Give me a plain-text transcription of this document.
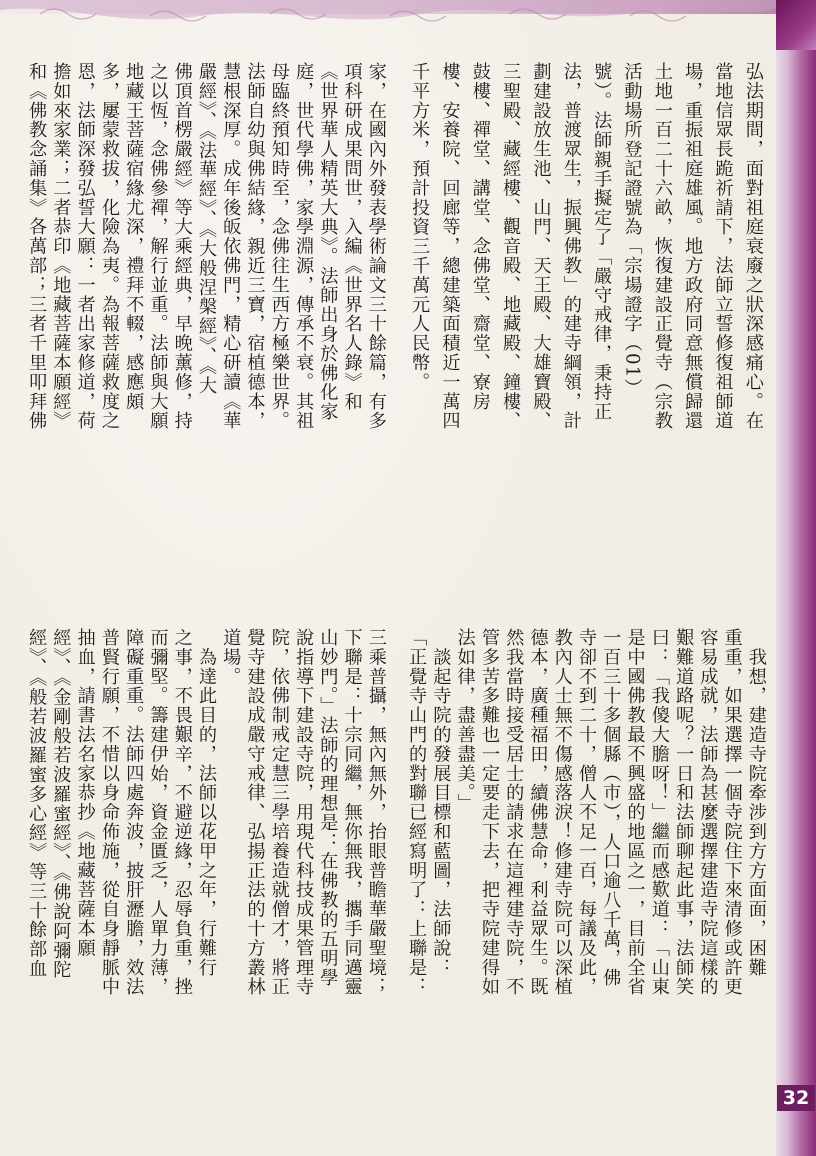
家，在國內外發表學術論文三十餘篇，有多
項科研成果問世，入編《世界名人錄》和
《世界華人精英大典》。法師出身於佛化家
庭，世代學佛，家學淵源，傳承不衰。其祖
母臨終預知時至，念佛往生西方極樂世界。
法師自幼與佛結緣，親近三寶，宿植德本，
慧根深厚。成年後皈依佛門，精心研讀《華
嚴經》、《法華經》、《大般涅槃經》、《大
佛頂首楞嚴經》等大乘經典，早晚薰修，持
之以恆，念佛參禪，解行並重。法師與大願
地藏王菩薩宿緣尤深，禮拜不輟，感應頗
多，屢蒙救拔，化險為夷。為報菩薩救度之
恩，法師深發弘誓大願：一者出家修道，荷
擔如來家業；二者恭印《地藏菩薩本願經》
和《佛教念誦集》各萬部；三者千里叩拜佛	弘法期間，面對祖庭衰廢之狀深感痛心。在
當地信眾長跪祈請下，法師立誓修復祖師道
場，重振祖庭雄風。地方政府同意無償歸還
土地一百二十六畝，恢復建設正覺寺（宗教
活動場所登記證號為「宗場證字（01）
號）。法師親手擬定了「嚴守戒律，秉持正
法，普渡眾生，振興佛教」的建寺綱領，計
劃建設放生池、山門、天王殿、大雄寶殿、
三聖殿、藏經樓、觀音殿、地藏殿、鐘樓、
鼓樓、禪堂、講堂、念佛堂、齋堂、寮房
樓、安養院、回廊等，總建築面積近一萬四
千平方米，預計投資三千萬元人民幣。
三乘普攝，無內無外，抬眼普瞻華嚴聖境；
下聯是：十宗同繼，無你無我，攜手同邁靈
山妙門。」法師的理想是：在佛教的五明學
說指導下建設寺院，用現代科技成果管理寺
院，依佛制戒定慧三學培養造就僧才，將正
覺寺建設成嚴守戒律、弘揚正法的十方叢林
道場。
　為達此目的，法師以花甲之年，行難行
之事，不畏艱辛，不避逆緣，忍辱負重，挫
而彌堅。籌建伊始，資金匱乏，人單力薄，
障礙重重。法師四處奔波，披肝瀝膽，效法
普賢行願，不惜以身命佈施，從自身靜脈中
抽血，請書法名家恭抄《地藏菩薩本願
經》、《金剛般若波羅蜜經》、《佛說阿彌陀
經》、《般若波羅蜜多心經》等三十餘部血	　我想，建造寺院牽涉到方方面面，困難
重重，如果選擇一個寺院住下來清修或許更
容易成就，法師為甚麼選擇建造寺院這樣的
艱難道路呢？一日和法師聊起此事，法師笑
曰：「我傻大膽呀！」繼而感歎道：「山東
是中國佛教最不興盛的地區之一，目前全省
一百三十多個縣（市），人口逾八千萬，佛
寺卻不到二十，僧人不足一百，每議及此，
教內人士無不傷感落淚！修建寺院可以深植
德本，廣種福田，續佛慧命，利益眾生。既
然我當時接受居士的請求在這裡建寺院，不
管多苦多難也一定要走下去，把寺院建得如
法如律，盡善盡美。」
　談起寺院的發展目標和藍圖，法師說：
「正覺寺山門的對聯已經寫明了：上聯是：
32
